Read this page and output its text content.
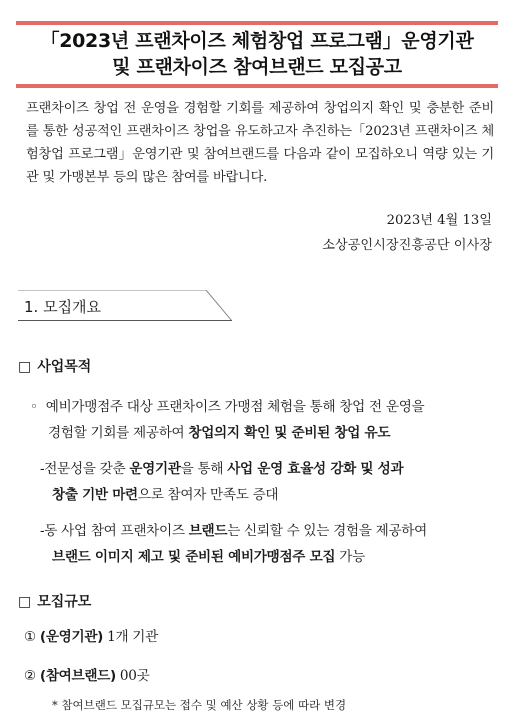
「2023년 프랜차이즈 체험창업 프로그램」운영기관
및 프랜차이즈 참여브랜드 모집공고
프랜차이즈 창업 전 운영을 경험할 기회를 제공하여 창업의지 확인 및 충분한 준비를 통한 성공적인 프랜차이즈 창업을 유도하고자 추진하는「2023년 프랜차이즈 체험창업 프로그램」운영기관 및 참여브랜드를 다음과 같이 모집하오니 역량 있는 기관 및 가맹본부 등의 많은 참여를 바랍니다.
2023년 4월 13일
소상공인시장진흥공단 이사장
1. 모집개요
□ 사업목적
◦ 예비가맹점주 대상 프랜차이즈 가맹점 체험을 통해 창업 전 운영을
경험할 기회를 제공하여 창업의지 확인 및 준비된 창업 유도
-전문성을 갖춘 운영기관을 통해 사업 운영 효율성 강화 및 성과
창출 기반 마련으로 참여자 만족도 증대
-동 사업 참여 프랜차이즈 브랜드는 신뢰할 수 있는 경험을 제공하여
브랜드 이미지 제고 및 준비된 예비가맹점주 모집 가능
□ 모집규모
① (운영기관) 1개 기관
② (참여브랜드) 00곳
* 참여브랜드 모집규모는 접수 및 예산 상황 등에 따라 변경
